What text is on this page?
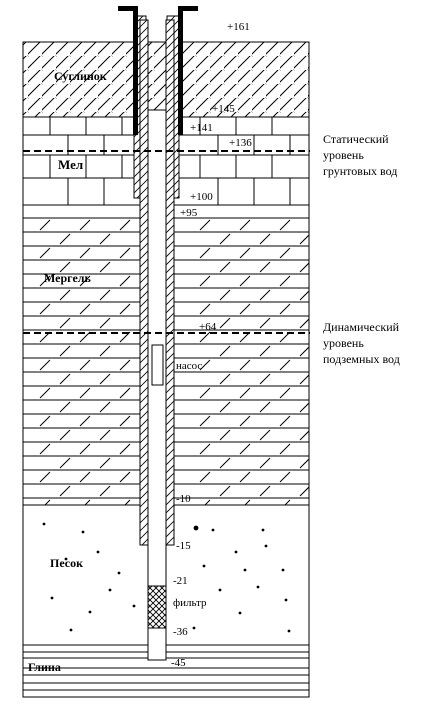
Суглинок
Мел
Мергель
Песок
Глина
+161
+145
+141
+136
+100
+95
+64
-10
-15
-21
-36
-45
насос
фильтр
Статический
уровень
грунтовых вод
Динамический
уровень
подземных вод
